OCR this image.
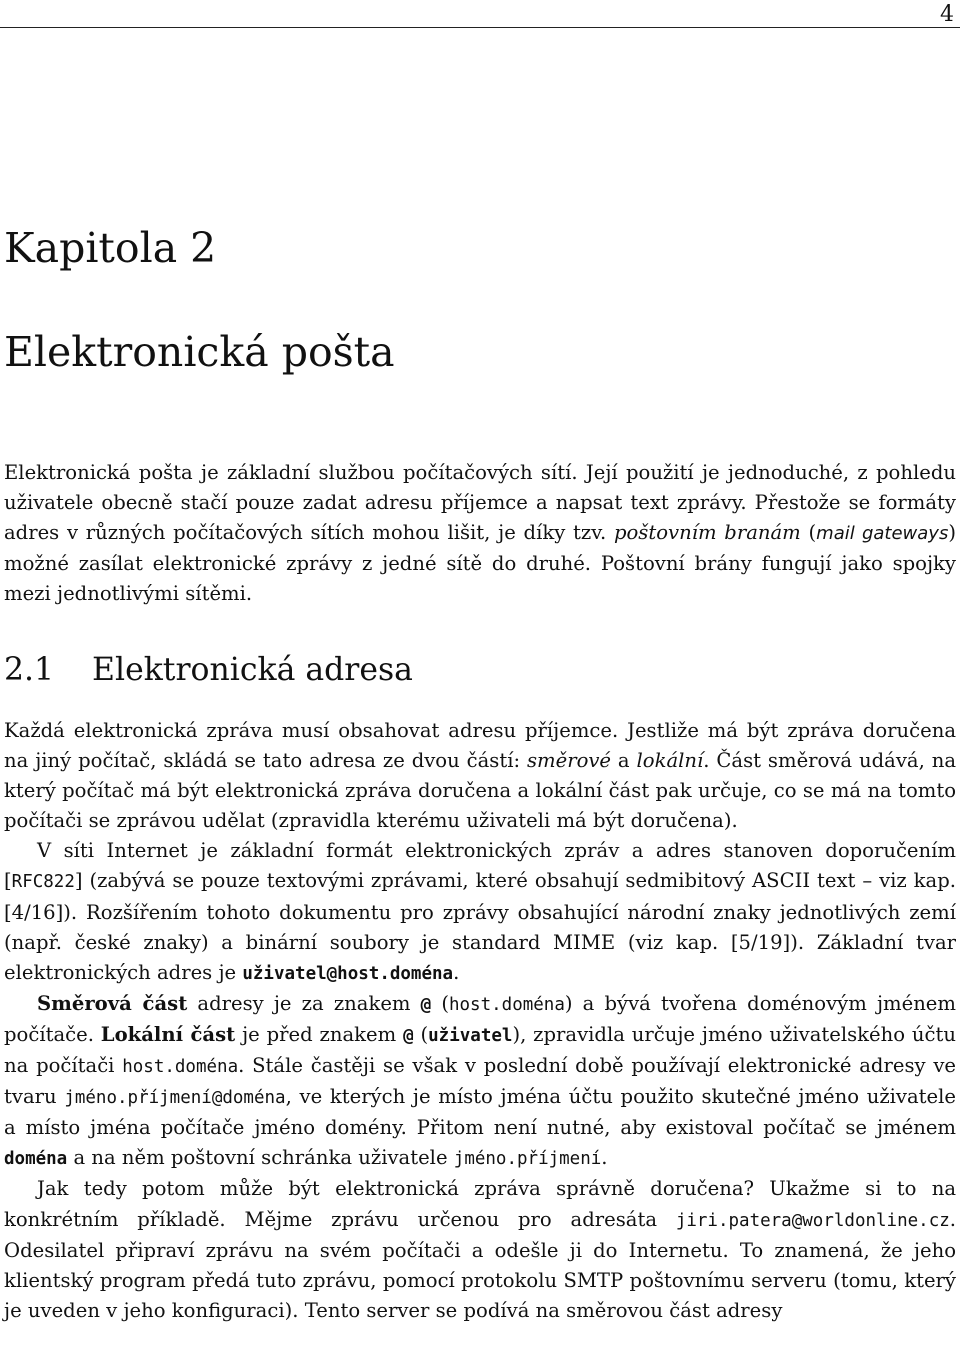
4
Kapitola 2
Elektronická pošta

Elektronická pošta je základní službou počítačových sítí. Její použití je jednoduché, z pohledu uživatele obecně stačí pouze zadat adresu příjemce a napsat text zprávy. Přestože se formáty adres v různých počítačových sítích mohou lišit, je díky tzv. poštovním branám (mail gateways) možné zasílat elektronické zprávy z jedné sítě do druhé. Poštovní brány fungují jako spojky mezi jednotlivými sítěmi.

2.1 Elektronická adresa

Každá elektronická zpráva musí obsahovat adresu příjemce. Jestliže má být zpráva doručena na jiný počítač, skládá se tato adresa ze dvou částí: směrové a lokální. Část směrová udává, na který počítač má být elektronická zpráva doručena a lokální část pak určuje, co se má na tomto počítači se zprávou udělat (zpravidla kterému uživateli má být doručena).

V síti Internet je základní formát elektronických zpráv a adres stanoven doporučením [RFC822] (zabývá se pouze textovými zprávami, které obsahují sedmibitový ASCII text – viz kap. [4/16]). Rozšířením tohoto dokumentu pro zprávy obsahující národní znaky jednotlivých zemí (např. české znaky) a binární soubory je standard MIME (viz kap. [5/19]). Základní tvar elektronických adres je uživatel@host.doména.

Směrová část adresy je za znakem @ (host.doména) a bývá tvořena doménovým jménem počítače. Lokální část je před znakem @ (uživatel), zpravidla určuje jméno uživatelského účtu na počítači host.doména. Stále častěji se však v poslední době používají elektronické adresy ve tvaru jméno.příjmení@doména, ve kterých je místo jména účtu použito skutečné jméno uživatele a místo jména počítače jméno domény. Přitom není nutné, aby existoval počítač se jménem doména a na něm poštovní schránka uživatele jméno.příjmení.

Jak tedy potom může být elektronická zpráva správně doručena? Ukažme si to na konkrétním příkladě. Mějme zprávu určenou pro adresáta jiri.patera@worldonline.cz. Odesilatel připraví zprávu na svém počítači a odešle ji do Internetu. To znamená, že jeho klientský program předá tuto zprávu, pomocí protokolu SMTP poštovnímu serveru (tomu, který je uveden v jeho konfiguraci). Tento server se podívá na směrovou část adresy
